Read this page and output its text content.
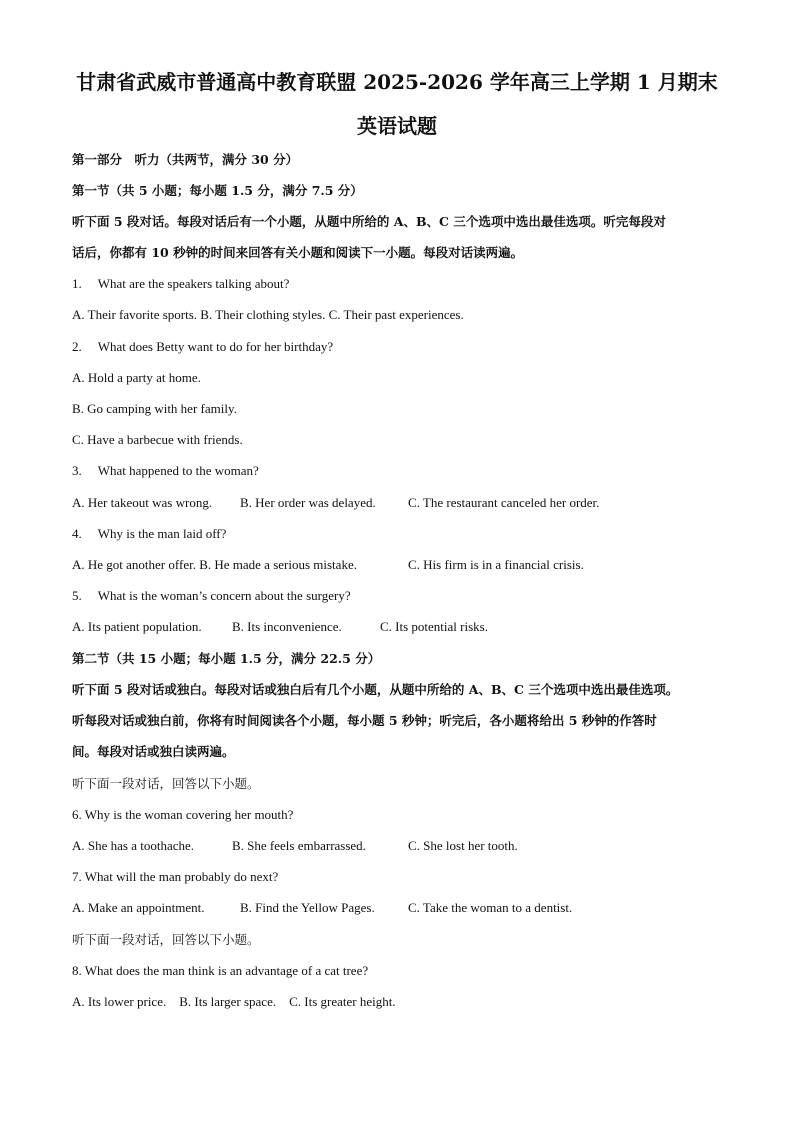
甘肃省武威市普通高中教育联盟 2025-2026 学年高三上学期 1 月期末
英语试题
第一部分　听力（共两节，满分 30 分）
第一节（共 5 小题；每小题 1.5 分，满分 7.5 分）
听下面 5 段对话。每段对话后有一个小题，从题中所给的 A、B、C 三个选项中选出最佳选项。听完每段对
话后，你都有 10 秒钟的时间来回答有关小题和阅读下一小题。每段对话读两遍。
1.　 What are the speakers talking about?
A. Their favorite sports. B. Their clothing styles. C. Their past experiences.
2.　 What does Betty want to do for her birthday?
A. Hold a party at home.
B. Go camping with her family.
C. Have a barbecue with friends.
3.　 What happened to the woman?
A. Her takeout was wrong. B. Her order was delayed. C. The restaurant canceled her order.
4.　 Why is the man laid off?
A. He got another offer. B. He made a serious mistake.	C. His firm is in a financial crisis.
5.　 What is the woman’s concern about the surgery?
A. Its patient population. B. Its inconvenience.	C. Its potential risks.
第二节（共 15 小题；每小题 1.5 分，满分 22.5 分）
听下面 5 段对话或独白。每段对话或独白后有几个小题，从题中所给的 A、B、C 三个选项中选出最佳选项。
听每段对话或独白前，你将有时间阅读各个小题，每小题 5 秒钟；听完后，各小题将给出 5 秒钟的作答时
间。每段对话或独白读两遍。
听下面一段对话，回答以下小题。
6. Why is the woman covering her mouth?
A. She has a toothache.	B. She feels embarrassed.	C. She lost her tooth.
7. What will the man probably do next?
A. Make an appointment.	B. Find the Yellow Pages.	C. Take the woman to a dentist.
听下面一段对话，回答以下小题。
8. What does the man think is an advantage of a cat tree?
A. Its lower price.　B. Its larger space.　C. Its greater height.
